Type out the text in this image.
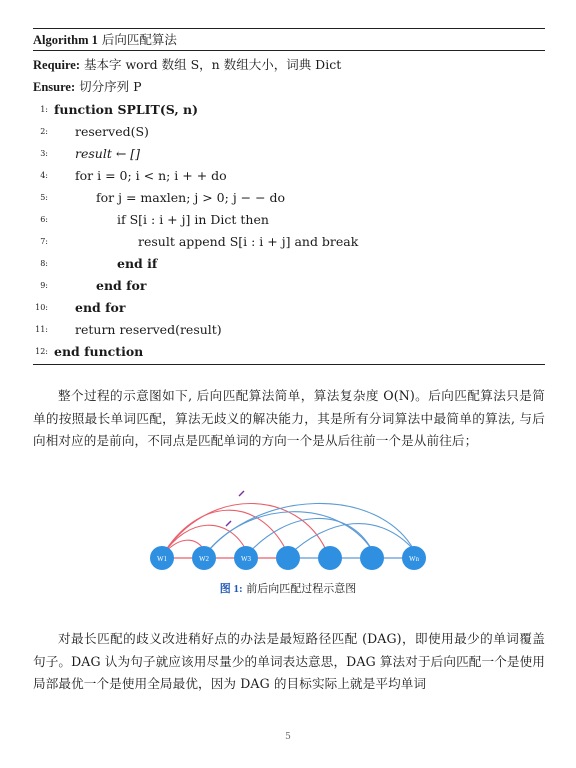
Algorithm 1 后向匹配算法
Require: 基本字 word 数组 S，n 数组大小，词典 Dict
Ensure: 切分序列 P
1: function SPLIT(S, n)
2: reserved(S)
3: result ← []
4: for i = 0; i < n; i + + do
5:	for j = maxlen; j > 0; j − − do
6:	if S[i : i + j] in Dict then
7:	result append S[i : i + j] and break
8:	end if
9:	end for
10: end for
11: return reserved(result)
12: end function
整个过程的示意图如下, 后向匹配算法简单，算法复杂度 O(N)。后向匹配算法只是简单的按照最长单词匹配，算法无歧义的解决能力，其是所有分词算法中最简单的算法, 与后向相对应的是前向，不同点是匹配单词的方向一个是从后往前一个是从前往后；
W1	W2	W3	Wn
图 1: 前后向匹配过程示意图
对最长匹配的歧义改进稍好点的办法是最短路径匹配 (DAG)，即使用最少的单词覆盖句子。DAG 认为句子就应该用尽量少的单词表达意思，DAG 算法对于后向匹配一个是使用局部最优一个是使用全局最优，因为 DAG 的目标实际上就是平均单词
5
